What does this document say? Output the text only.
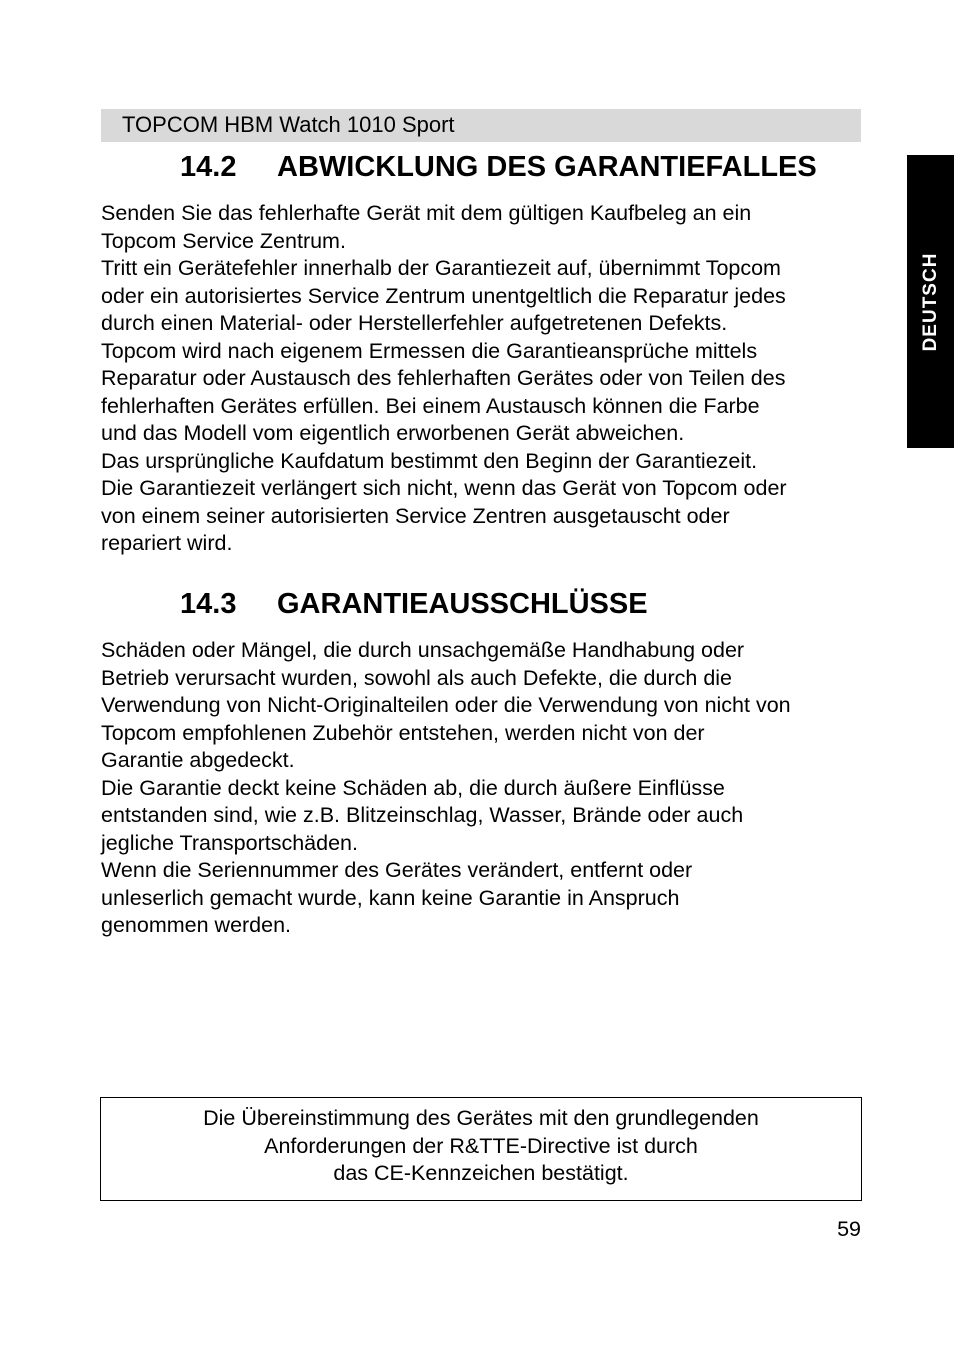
TOPCOM HBM Watch 1010 Sport
DEUTSCH
14.2 ABWICKLUNG DES GARANTIEFALLES
Senden Sie das fehlerhafte Gerät mit dem gültigen Kaufbeleg an ein
Topcom Service Zentrum.
Tritt ein Gerätefehler innerhalb der Garantiezeit auf, übernimmt Topcom
oder ein autorisiertes Service Zentrum unentgeltlich die Reparatur jedes
durch einen Material- oder Herstellerfehler aufgetretenen Defekts.
Topcom wird nach eigenem Ermessen die Garantieansprüche mittels
Reparatur oder Austausch des fehlerhaften Gerätes oder von Teilen des
fehlerhaften Gerätes erfüllen. Bei einem Austausch können die Farbe
und das Modell vom eigentlich erworbenen Gerät abweichen.
Das ursprüngliche Kaufdatum bestimmt den Beginn der Garantiezeit.
Die Garantiezeit verlängert sich nicht, wenn das Gerät von Topcom oder
von einem seiner autorisierten Service Zentren ausgetauscht oder
repariert wird.
14.3 GARANTIEAUSSCHLÜSSE
Schäden oder Mängel, die durch unsachgemäße Handhabung oder
Betrieb verursacht wurden, sowohl als auch Defekte, die durch die
Verwendung von Nicht-Originalteilen oder die Verwendung von nicht von
Topcom empfohlenen Zubehör entstehen, werden nicht von der
Garantie abgedeckt.
Die Garantie deckt keine Schäden ab, die durch äußere Einflüsse
entstanden sind, wie z.B. Blitzeinschlag, Wasser, Brände oder auch
jegliche Transportschäden.
Wenn die Seriennummer des Gerätes verändert, entfernt oder
unleserlich gemacht wurde, kann keine Garantie in Anspruch
genommen werden.
Die Übereinstimmung des Gerätes mit den grundlegenden
Anforderungen der R&TTE-Directive ist durch
das CE-Kennzeichen bestätigt.
59
